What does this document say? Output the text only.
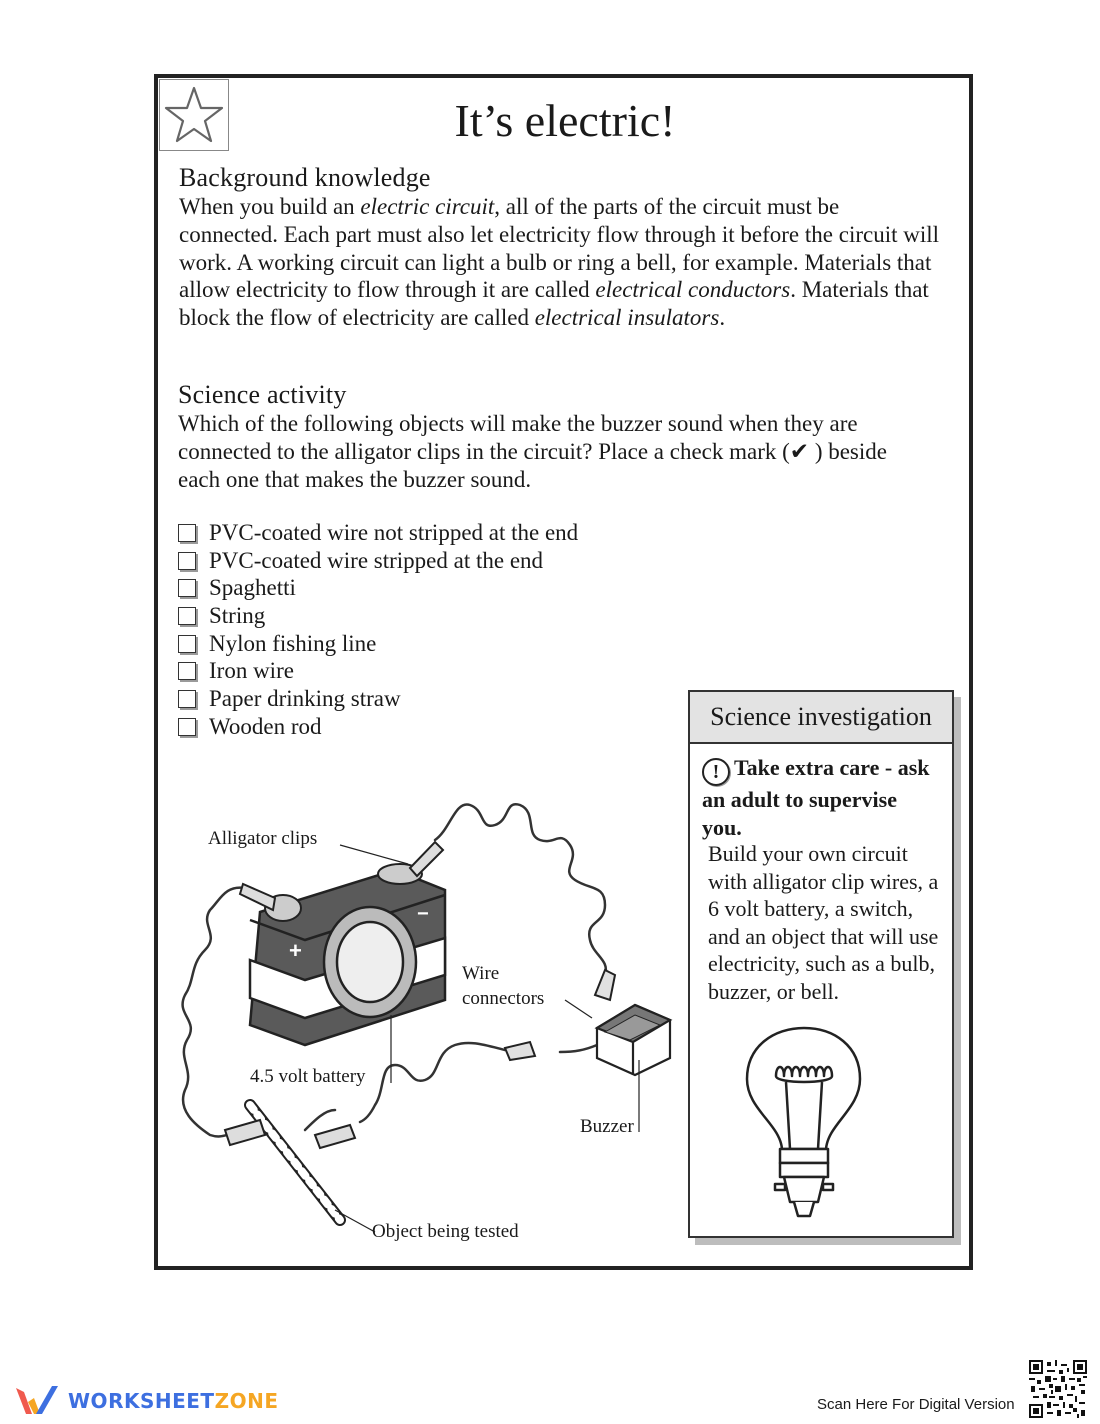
It’s electric!
Background knowledge

When you build an electric circuit, all of the parts of the circuit must be connected. Each part must also let electricity flow through it before the circuit will work. A working circuit can light a bulb or ring a bell, for example. Materials that allow electricity to flow through it are called electrical conductors. Materials that block the flow of electricity are called electrical insulators.

Science activity

Which of the following objects will make the buzzer sound when they are connected to the alligator clips in the circuit? Place a check mark (✔ ) beside each one that makes the buzzer sound.

PVC-coated wire not stripped at the end
PVC-coated wire stripped at the end
Spaghetti
String
Nylon fishing line
Iron wire
Paper drinking straw
Wooden rod
+
−
Alligator clips
Wire
connectors
4.5 volt battery
Buzzer
Object being tested
Science investigation
! Take extra care - ask an adult to supervise you.

Build your own circuit with alligator clip wires, a 6 volt battery, a switch, and an object that will use electricity, such as a bulb, buzzer, or bell.

WORKSHEETZONE	Scan Here For Digital Version
